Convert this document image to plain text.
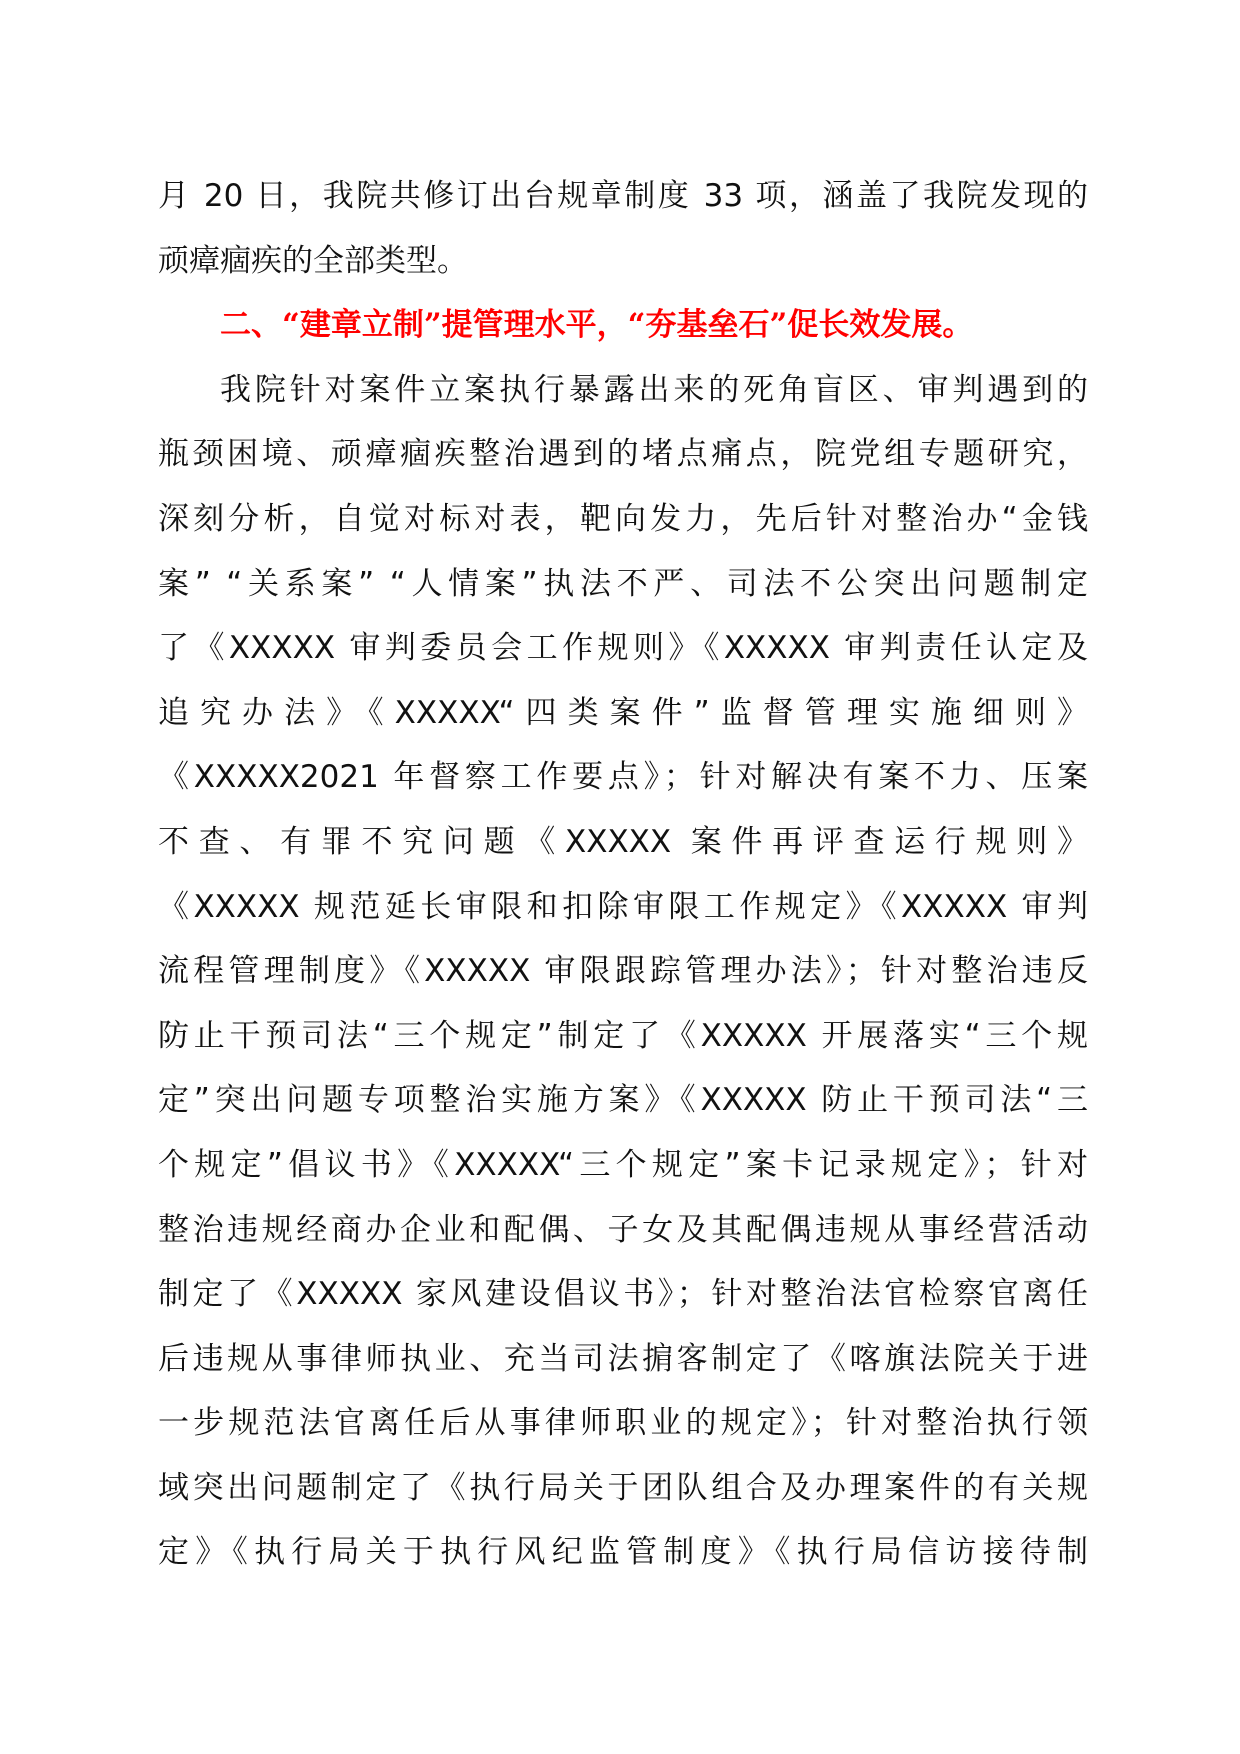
月 20 日，我院共修订出台规章制度 33 项，涵盖了我院发现的
顽瘴痼疾的全部类型。
二、“建章立制”提管理水平，“夯基垒石”促长效发展。
我院针对案件立案执行暴露出来的死角盲区、审判遇到的
瓶颈困境、顽瘴痼疾整治遇到的堵点痛点，院党组专题研究，
深刻分析，自觉对标对表，靶向发力，先后针对整治办“金钱
案” “关系案” “人情案”执法不严、司法不公突出问题制定
了《XXXXX 审判委员会工作规则》《XXXXX 审判责任认定及
追究办法》《XXXXX“四类案件”监督管理实施细则》
《XXXXX2021 年督察工作要点》；针对解决有案不力、压案
不查、有罪不究问题《XXXXX 案件再评查运行规则》
《XXXXX 规范延长审限和扣除审限工作规定》《XXXXX 审判
流程管理制度》《XXXXX 审限跟踪管理办法》；针对整治违反
防止干预司法“三个规定”制定了《XXXXX 开展落实“三个规
定”突出问题专项整治实施方案》《XXXXX 防止干预司法“三
个规定”倡议书》《XXXXX“三个规定”案卡记录规定》；针对
整治违规经商办企业和配偶、子女及其配偶违规从事经营活动
制定了《XXXXX 家风建设倡议书》；针对整治法官检察官离任
后违规从事律师执业、充当司法掮客制定了《喀旗法院关于进
一步规范法官离任后从事律师职业的规定》；针对整治执行领
域突出问题制定了《执行局关于团队组合及办理案件的有关规
定》《执行局关于执行风纪监管制度》《执行局信访接待制
